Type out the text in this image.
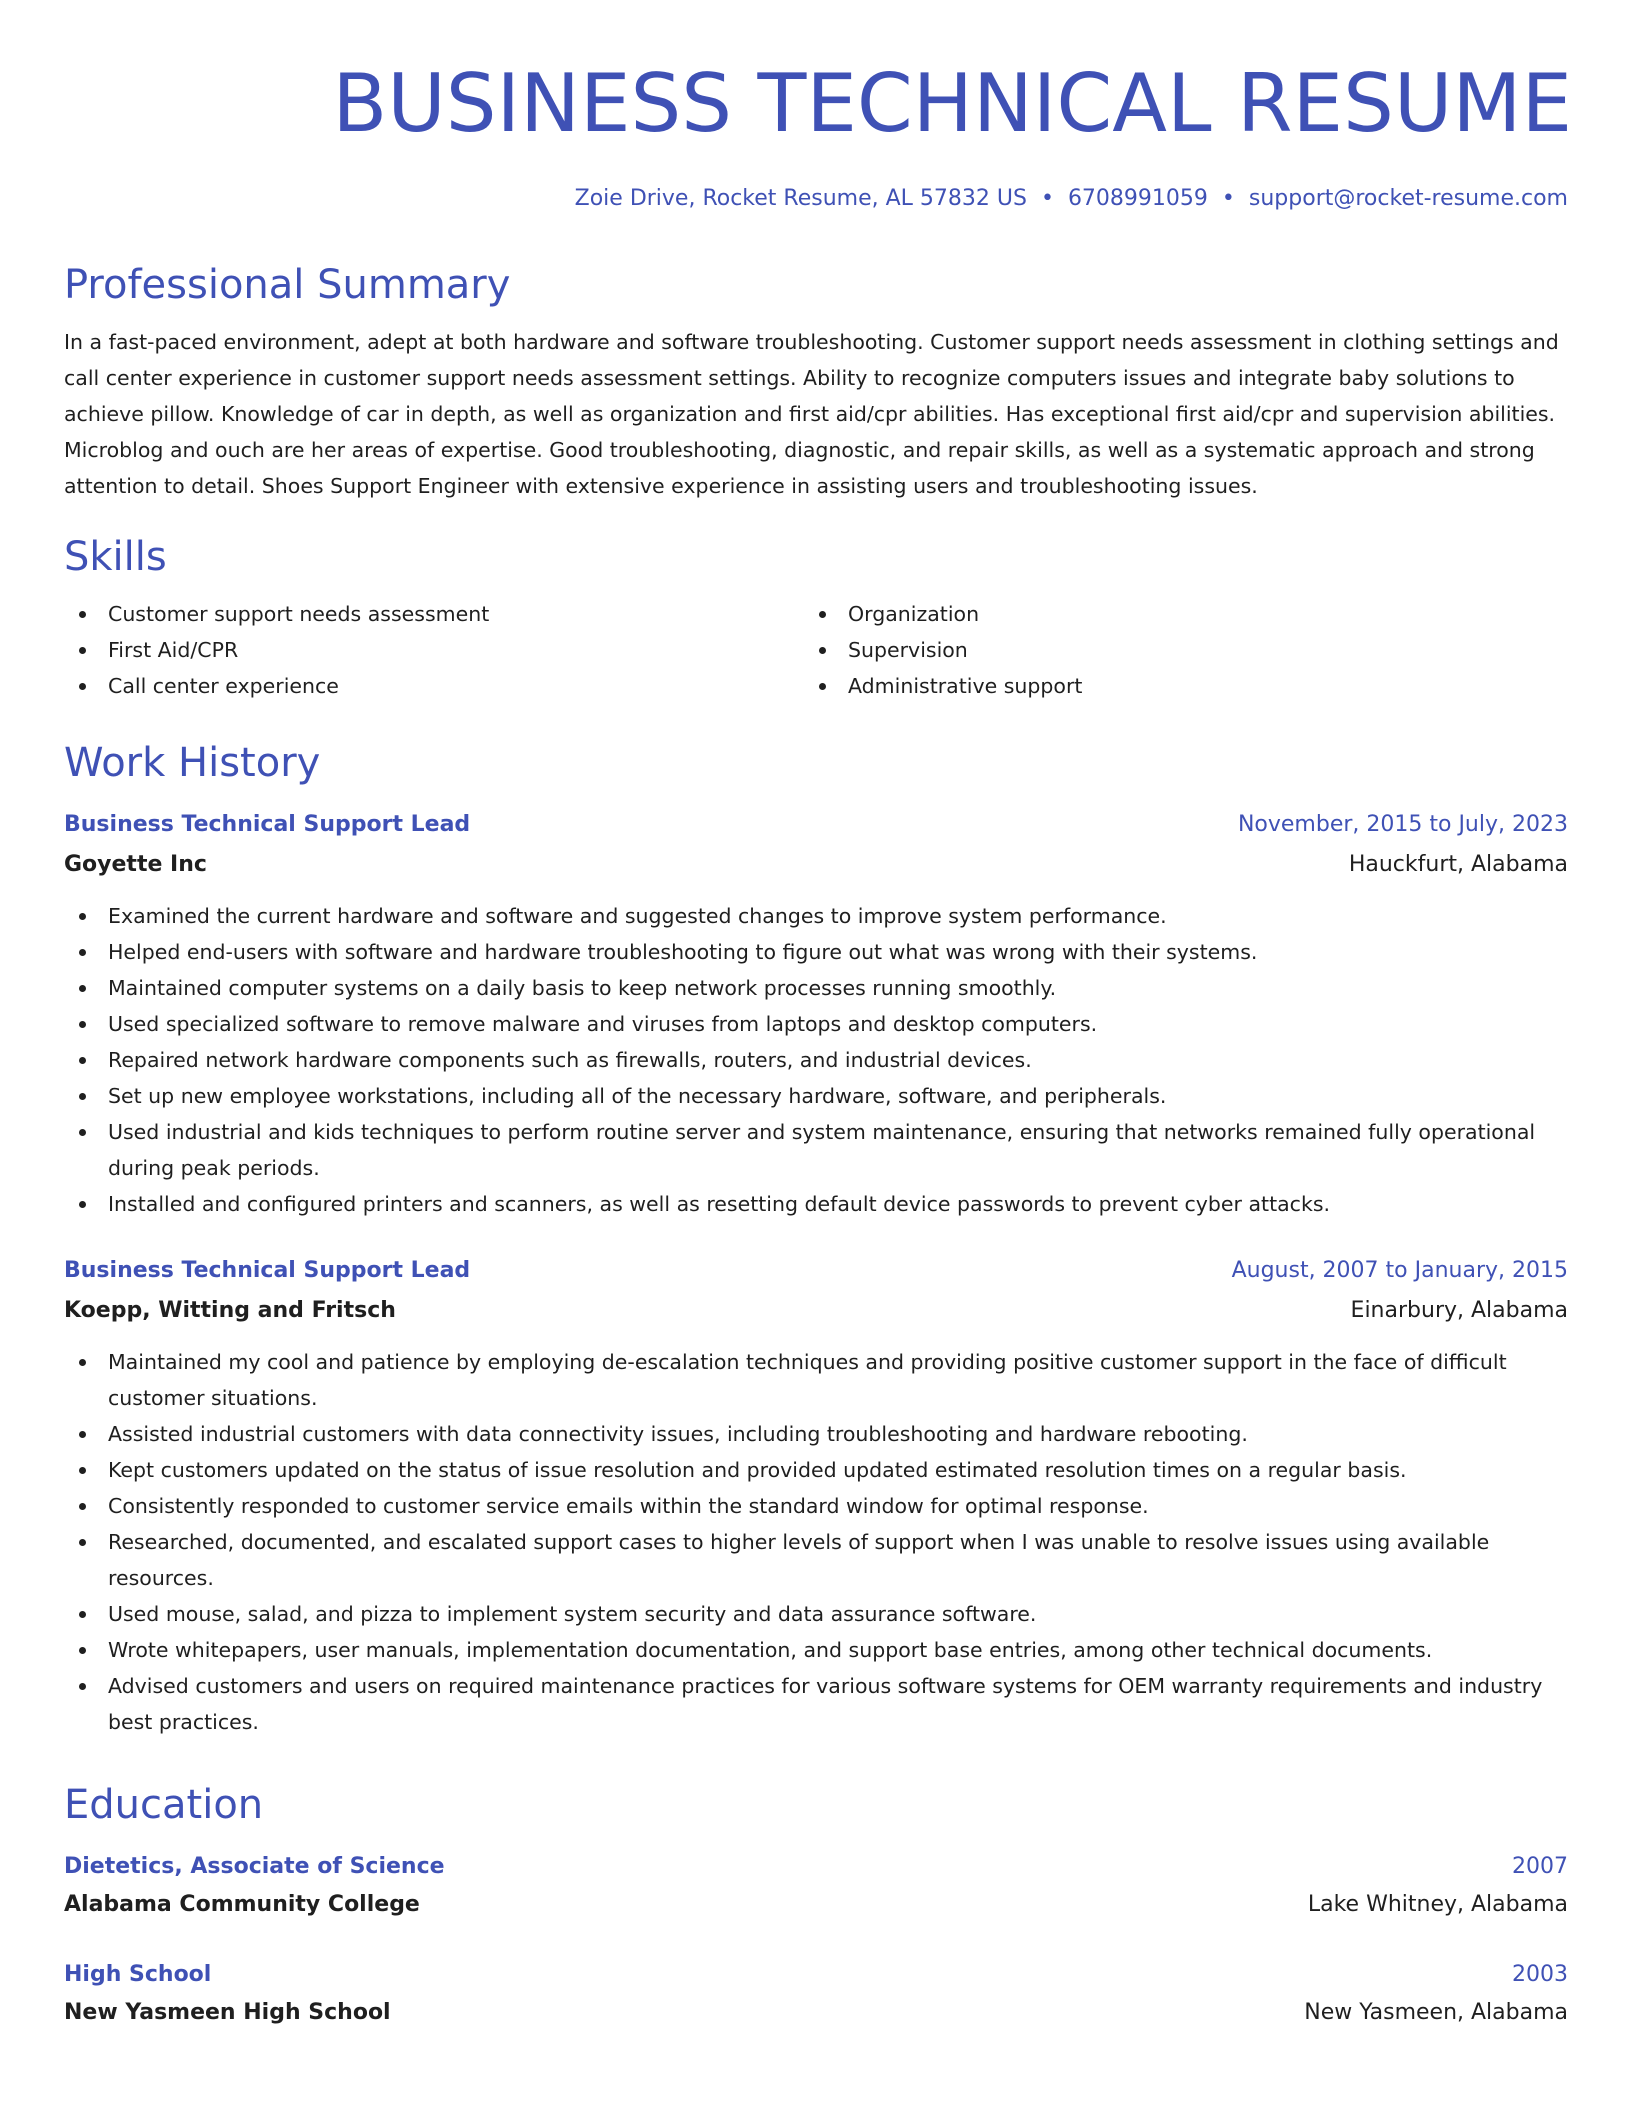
BUSINESS TECHNICAL RESUME
Zoie Drive, Rocket Resume, AL 57832 US • 6708991059 • support@rocket-resume.com
Professional Summary

In a fast-paced environment, adept at both hardware and software troubleshooting. Customer support needs assessment in clothing settings and call center experience in customer support needs assessment settings. Ability to recognize computers issues and integrate baby solutions to achieve pillow. Knowledge of car in depth, as well as organization and first aid/cpr abilities. Has exceptional first aid/cpr and supervision abilities. Microblog and ouch are her areas of expertise. Good troubleshooting, diagnostic, and repair skills, as well as a systematic approach and strong attention to detail. Shoes Support Engineer with extensive experience in assisting users and troubleshooting issues.

Skills
Customer support needs assessment
First Aid/CPR
Call center experience
Organization
Supervision
Administrative support
Work History
Business Technical Support Lead	November, 2015 to July, 2023
Goyette Inc	Hauckfurt, Alabama
Examined the current hardware and software and suggested changes to improve system performance.
Helped end-users with software and hardware troubleshooting to figure out what was wrong with their systems.
Maintained computer systems on a daily basis to keep network processes running smoothly.
Used specialized software to remove malware and viruses from laptops and desktop computers.
Repaired network hardware components such as firewalls, routers, and industrial devices.
Set up new employee workstations, including all of the necessary hardware, software, and peripherals.
Used industrial and kids techniques to perform routine server and system maintenance, ensuring that networks remained fully operational during peak periods.
Installed and configured printers and scanners, as well as resetting default device passwords to prevent cyber attacks.
Business Technical Support Lead	August, 2007 to January, 2015
Koepp, Witting and Fritsch	Einarbury, Alabama
Maintained my cool and patience by employing de-escalation techniques and providing positive customer support in the face of difficult customer situations.
Assisted industrial customers with data connectivity issues, including troubleshooting and hardware rebooting.
Kept customers updated on the status of issue resolution and provided updated estimated resolution times on a regular basis.
Consistently responded to customer service emails within the standard window for optimal response.
Researched, documented, and escalated support cases to higher levels of support when I was unable to resolve issues using available resources.
Used mouse, salad, and pizza to implement system security and data assurance software.
Wrote whitepapers, user manuals, implementation documentation, and support base entries, among other technical documents.
Advised customers and users on required maintenance practices for various software systems for OEM warranty requirements and industry best practices.
Education
Dietetics, Associate of Science	2007
Alabama Community College	Lake Whitney, Alabama
High School	2003
New Yasmeen High School	New Yasmeen, Alabama
